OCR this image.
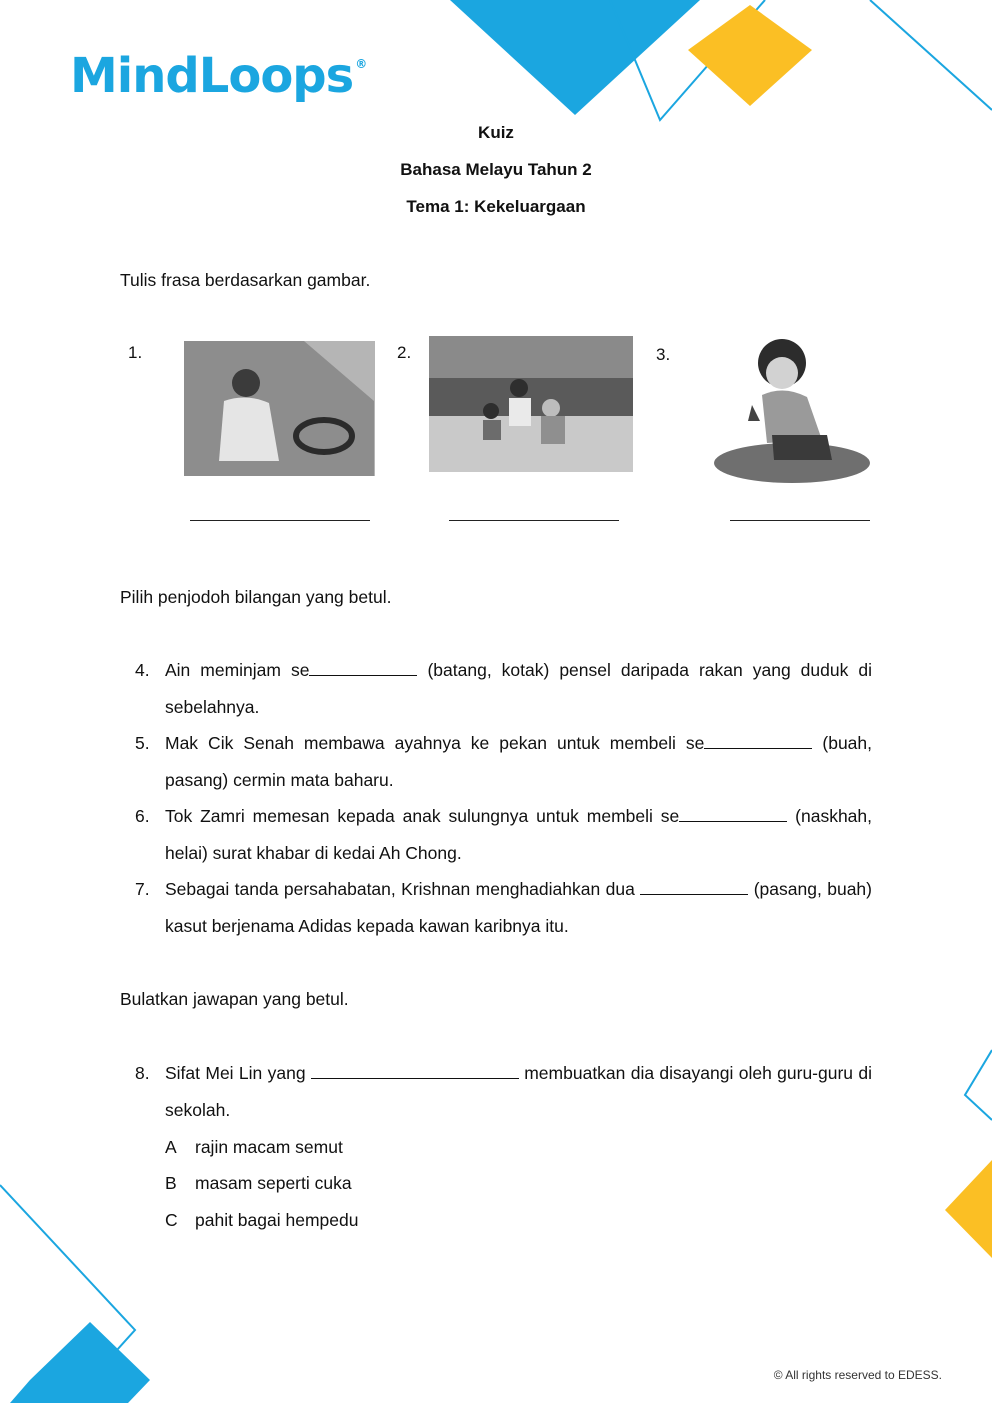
MindLoops ®
Kuiz
Bahasa Melayu Tahun 2
Tema 1: Kekeluargaan
Tulis frasa berdasarkan gambar.
1.	2.	3.
Pilih penjodoh bilangan yang betul.
4. Ain meminjam se	(batang, kotak) pensel daripada rakan yang duduk di sebelahnya.
5. Mak Cik Senah membawa ayahnya ke pekan untuk membeli se	(buah, pasang) cermin mata baharu.
6. Tok Zamri memesan kepada anak sulungnya untuk membeli se	(naskhah, helai) surat khabar di kedai Ah Chong.
7. Sebagai tanda persahabatan, Krishnan menghadiahkan dua	(pasang, buah) kasut berjenama Adidas kepada kawan karibnya itu.
Bulatkan jawapan yang betul.
8. Sifat Mei Lin yang	membuatkan dia disayangi oleh guru-guru di sekolah.
A rajin macam semut
B masam seperti cuka
C pahit bagai hempedu
© All rights reserved to EDESS.
